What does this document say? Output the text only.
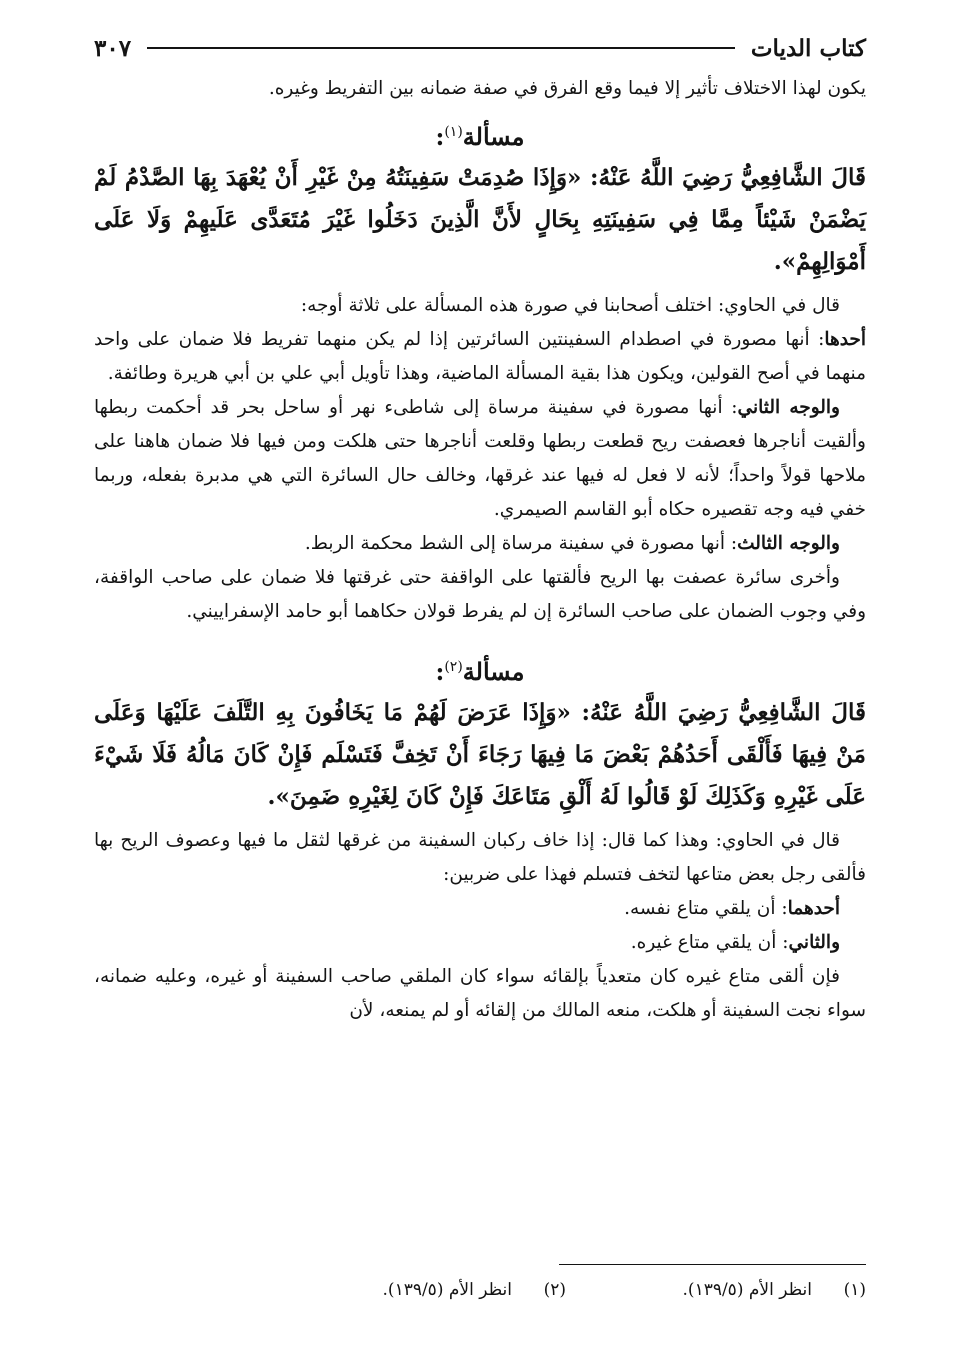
كتاب الديات
٣٠٧

يكون لهذا الاختلاف تأثير إلا فيما وقع الفرق في صفة ضمانه بين التفريط وغيره.

مسألة$^{(١)}$:

قَالَ الشَّافِعِيُّ رَضِيَ اللَّهُ عَنْهُ: «وَإِذَا صُدِمَتْ سَفِينَتُهُ مِنْ غَيْرِ أَنْ يُعْهَدَ بِهَا الصَّدْمُ لَمْ يَضْمَنْ شَيْئاً مِمَّا فِي سَفِينَتِهِ بِحَالٍ لأَنَّ الَّذِينَ دَخَلُوا غَيْرَ مُتَعَدَّى عَلَيهِمْ وَلَا عَلَى أَمْوَالِهِمْ».

قال في الحاوي: اختلف أصحابنا في صورة هذه المسألة على ثلاثة أوجه:

أحدها: أنها مصورة في اصطدام السفينتين السائرتين إذا لم يكن منهما تفريط فلا ضمان على واحد منهما في أصح القولين، ويكون هذا بقية المسألة الماضية، وهذا تأويل أبي علي بن أبي هريرة وطائفة.

والوجه الثاني: أنها مصورة في سفينة مرساة إلى شاطىء نهر أو ساحل بحر قد أحكمت ربطها وألقيت أناجرها فعصفت ريح قطعت ربطها وقلعت أناجرها حتى هلكت ومن فيها فلا ضمان هاهنا على ملاحها قولاً واحداً؛ لأنه لا فعل له فيها عند غرقها، وخالف حال السائرة التي هي مدبرة بفعله، وربما خفي فيه وجه تقصيره حكاه أبو القاسم الصيمري.

والوجه الثالث: أنها مصورة في سفينة مرساة إلى الشط محكمة الربط.

وأخرى سائرة عصفت بها الريح فألقتها على الواقفة حتى غرقتها فلا ضمان على صاحب الواقفة، وفي وجوب الضمان على صاحب السائرة إن لم يفرط قولان حكاهما أبو حامد الإسفراييني.

مسألة$^{(٢)}$:

قَالَ الشَّافِعِيُّ رَضِيَ اللَّهُ عَنْهُ: «وَإِذَا عَرَضَ لَهُمْ مَا يَخَافُونَ بِهِ التَّلَفَ عَلَيْهَا وَعَلَى مَنْ فِيهَا فَأَلْقَى أَحَدُهُمْ بَعْضَ مَا فِيهَا رَجَاءَ أَنْ تَخِفَّ فَتَسْلَم فَإِنْ كَانَ مَالُهُ فَلَا شَيْءَ عَلَى غَيْرِهِ وَكَذَلِكَ لَوْ قَالُوا لَهُ أَلْقِ مَتَاعَكَ فَإِنْ كَانَ لِغَيْرِهِ ضَمِنَ».

قال في الحاوي: وهذا كما قال: إذا خاف ركبان السفينة من غرقها لثقل ما فيها وعصوف الريح بها فألقى رجل بعض متاعها لتخف فتسلم فهذا على ضربين:

أحدهما: أن يلقي متاع نفسه.

والثاني: أن يلقي متاع غيره.

فإن ألقى متاع غيره كان متعدياً بإلقائه سواء كان الملقي صاحب السفينة أو غيره، وعليه ضمانه، سواء نجت السفينة أو هلكت، منعه المالك من إلقائه أو لم يمنعه، لأن

(١)
انظر الأم (١٣٩/٥).
(٢)
انظر الأم (١٣٩/٥).
